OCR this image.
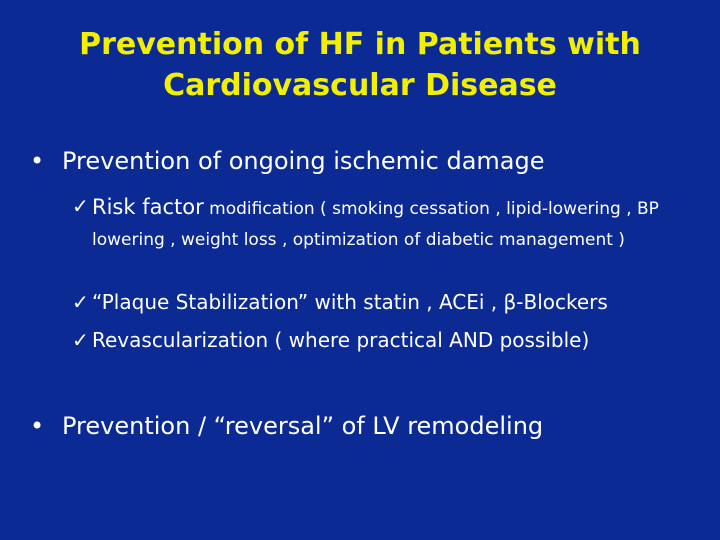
Prevention of HF in Patients with
Cardiovascular Disease
• Prevention of ongoing ischemic damage
✓ Risk factor modification ( smoking cessation , lipid-lowering , BP lowering , weight loss , optimization of diabetic management )
✓ “Plaque Stabilization” with statin , ACEi , β-Blockers
✓ Revascularization ( where practical AND possible)
• Prevention / “reversal” of LV remodeling
